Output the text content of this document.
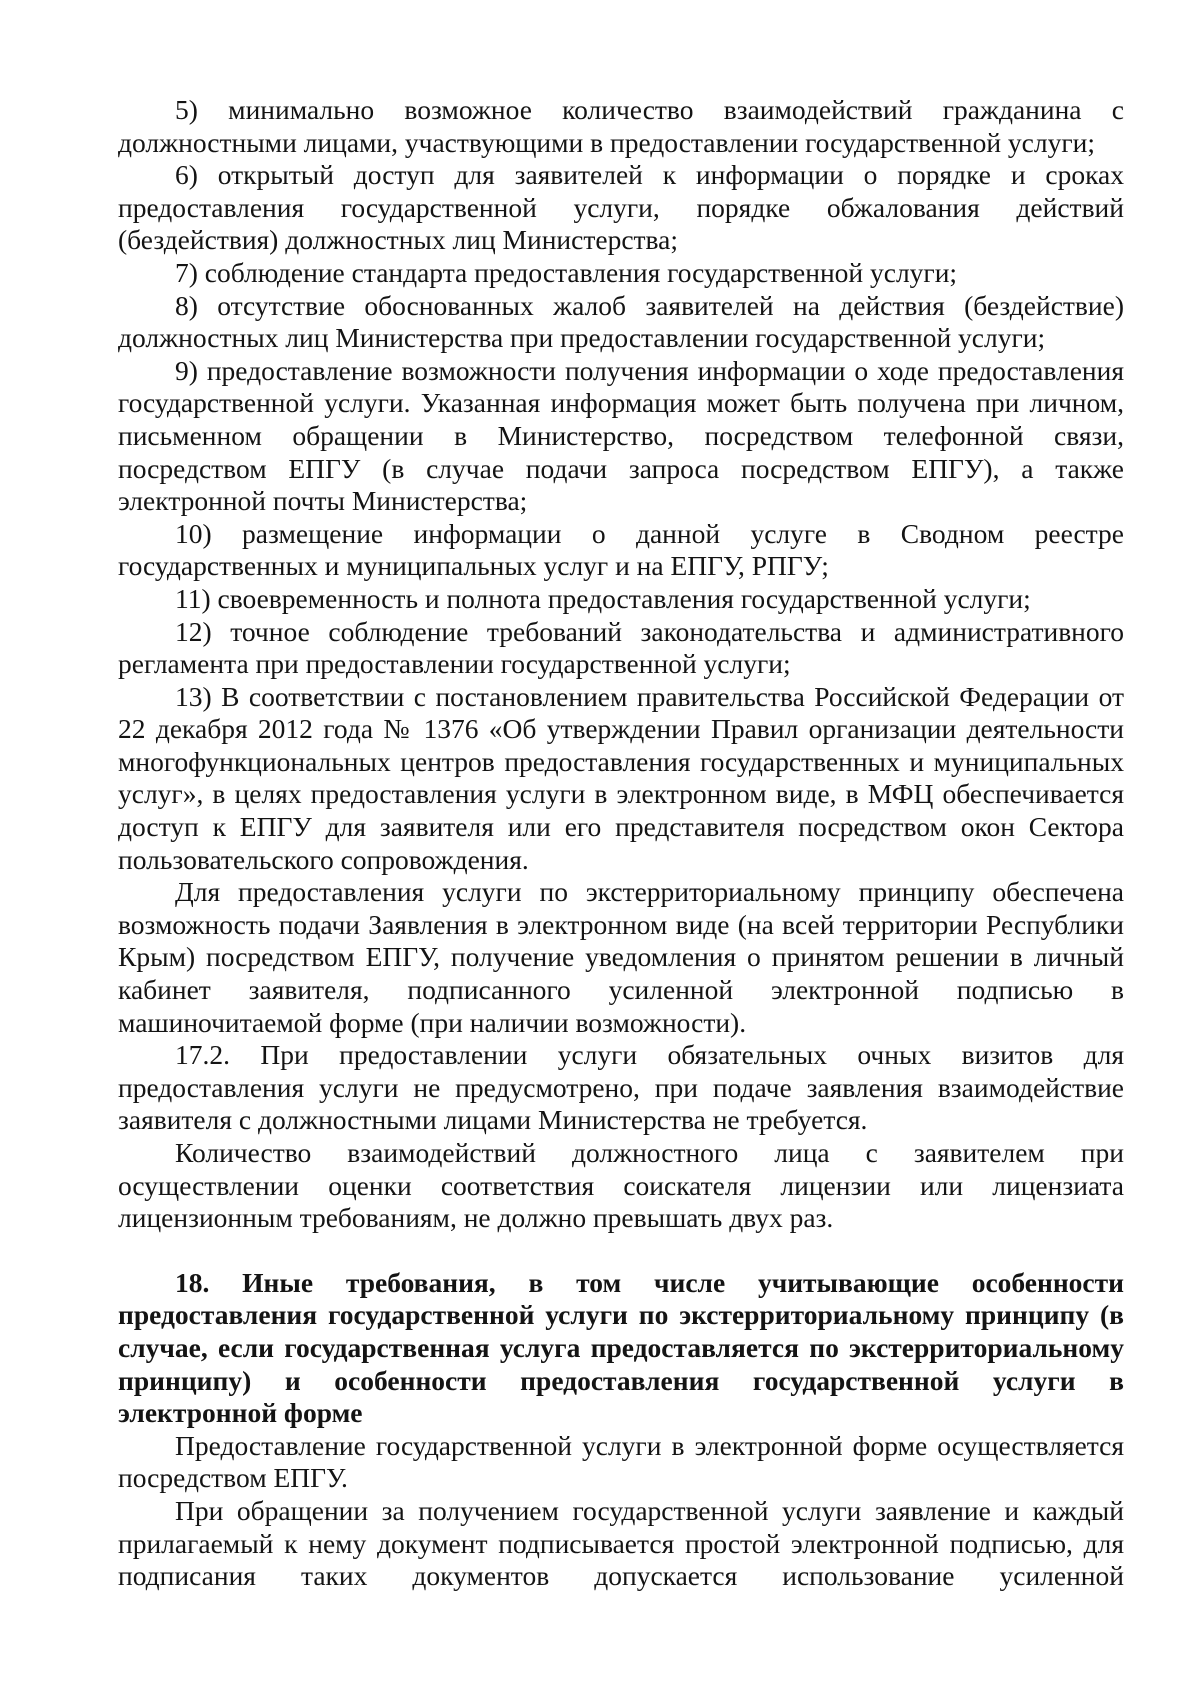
5) минимально возможное количество взаимодействий гражданина с должностными лицами, участвующими в предоставлении государственной услуги;

6) открытый доступ для заявителей к информации о порядке и сроках предоставления государственной услуги, порядке обжалования действий (бездействия) должностных лиц Министерства;

7) соблюдение стандарта предоставления государственной услуги;

8) отсутствие обоснованных жалоб заявителей на действия (бездействие) должностных лиц Министерства при предоставлении государственной услуги;

9) предоставление возможности получения информации о ходе предоставления государственной услуги. Указанная информация может быть получена при личном, письменном обращении в Министерство, посредством телефонной связи, посредством ЕПГУ (в случае подачи запроса посредством ЕПГУ), а также электронной почты Министерства;

10) размещение информации о данной услуге в Сводном реестре государственных и муниципальных услуг и на ЕПГУ, РПГУ;

11) своевременность и полнота предоставления государственной услуги;

12) точное соблюдение требований законодательства и административного регламента при предоставлении государственной услуги;

13) В соответствии с постановлением правительства Российской Федерации от 22 декабря 2012 года № 1376 «Об утверждении Правил организации деятельности многофункциональных центров предоставления государственных и муниципальных услуг», в целях предоставления услуги в электронном виде, в МФЦ обеспечивается доступ к ЕПГУ для заявителя или его представителя посредством окон Сектора пользовательского сопровождения.

Для предоставления услуги по экстерриториальному принципу обеспечена возможность подачи Заявления в электронном виде (на всей территории Республики Крым) посредством ЕПГУ, получение уведомления о принятом решении в личный кабинет заявителя, подписанного усиленной электронной подписью в машиночитаемой форме (при наличии возможности).

17.2. При предоставлении услуги обязательных очных визитов для предоставления услуги не предусмотрено, при подаче заявления взаимодействие заявителя с должностными лицами Министерства не требуется.

Количество взаимодействий должностного лица с заявителем при осуществлении оценки соответствия соискателя лицензии или лицензиата лицензионным требованиям, не должно превышать двух раз.

18. Иные требования, в том числе учитывающие особенности предоставления государственной услуги по экстерриториальному принципу (в случае, если государственная услуга предоставляется по экстерриториальному принципу) и особенности предоставления государственной услуги в электронной форме

Предоставление государственной услуги в электронной форме осуществляется посредством ЕПГУ.

При обращении за получением государственной услуги заявление и каждый прилагаемый к нему документ подписывается простой электронной подписью, для подписания таких документов допускается использование усиленной
